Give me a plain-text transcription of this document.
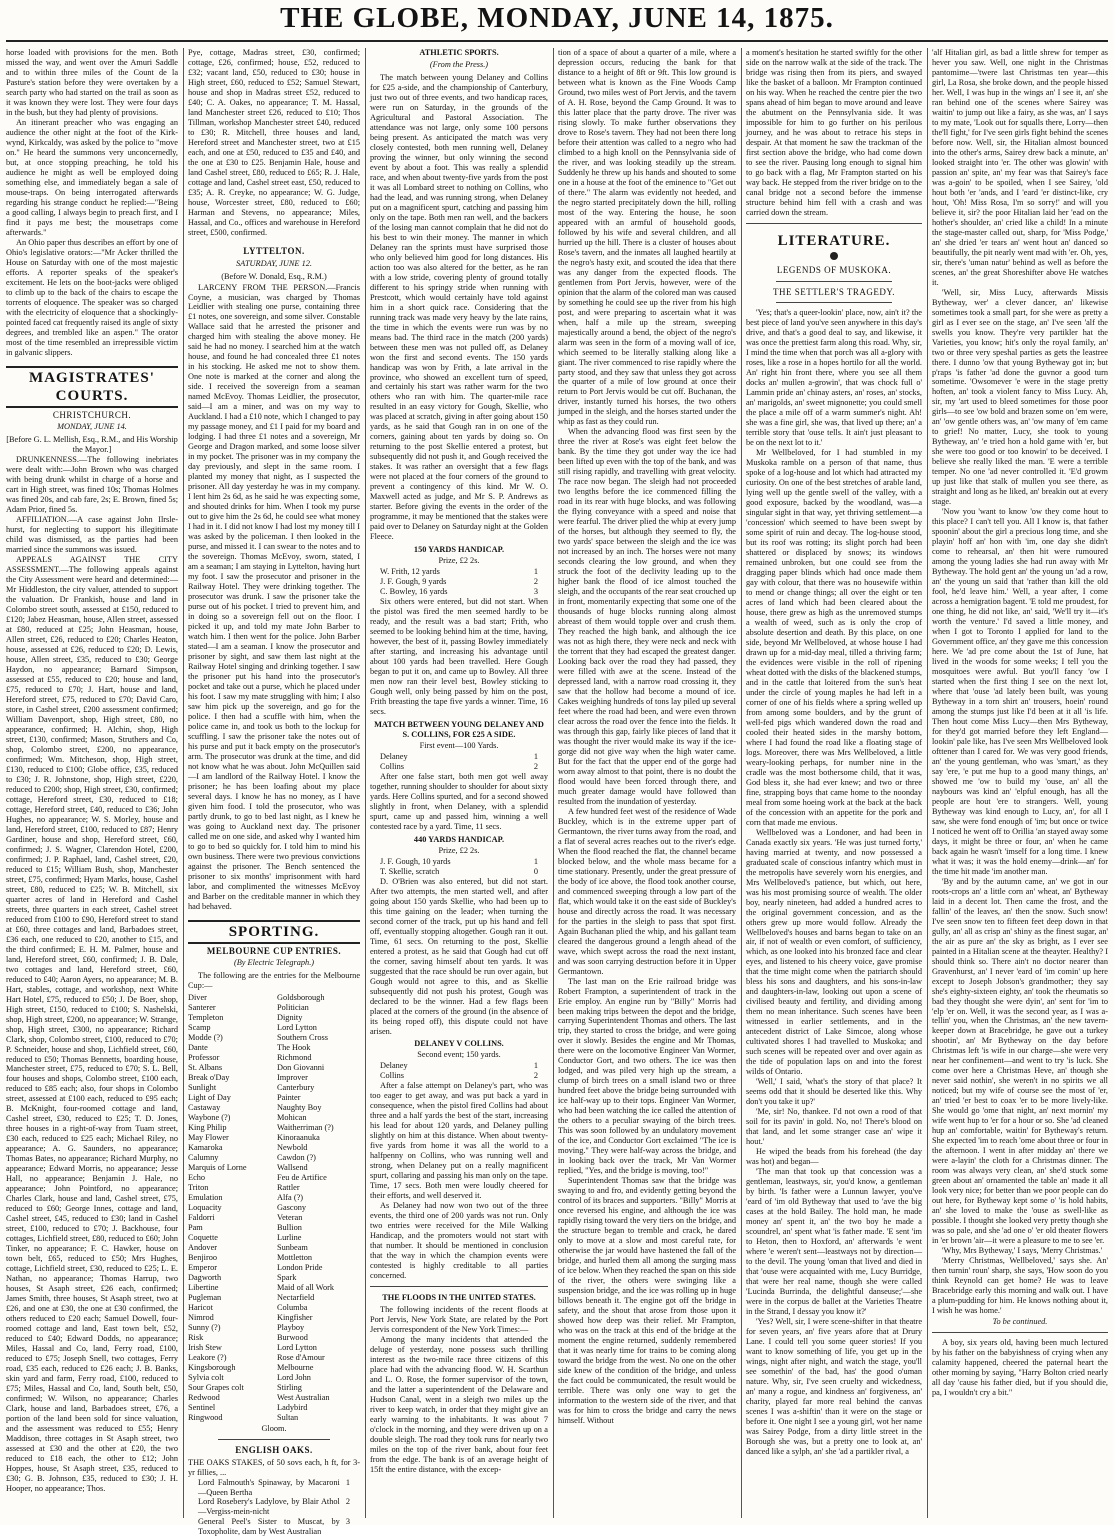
THE GLOBE, MONDAY, JUNE 14, 1875.

horse loaded with provisions for the men. Both missed the way, and went over the Amuri Saddle and to within three miles of the Count de la Pasture's station before they were overtaken by a search party who had started on the trail as soon as it was known they were lost. They were four days in the bush, but they had plenty of provisions.

An itinerant preacher who was engaging an audience the other night at the foot of the Kirk-wynd, Kirkcaldy, was asked by the police to "move on." He heard the summons very unconcernedly, but, at once stopping preaching, he told his audience he might as well be employed doing something else, and immediately began a sale of mouse-traps. On being interrogated afterwards regarding his strange conduct he replied:—"Being a good calling, I always begin to preach first, and I find it pays me best; the mousetraps come afterwards."

An Ohio paper thus describes an effort by one of Ohio's legislative orators:—"Mr Acker thrilled the House on Saturday with one of the most majestic efforts. A reporter speaks of the speaker's excitement. He lets on the boot-jacks were obliged to climb up to the back of the chairs to escape the torrents of eloquence. The speaker was so charged with the electricity of eloquence that a shockingly-pointed faced cat frequently raised its angle of sixty degrees, and trembled like an aspen." The orator most of the time resembled an irrepressible victim in galvanic slippers.

MAGISTRATES' COURTS.
CHRISTCHURCH.
MONDAY, JUNE 14.

[Before G. L. Mellish, Esq., R.M., and His Worship the Mayor.]

DRUNKENNESS.—The following inebriates were dealt with:—John Brown who was charged with being drunk whilst in charge of a horse and cart in High street, was fined 10s; Thomas Holmes was fined 20s, and cab fare, 2s; E. Brown, fined 5s; Adam Prior, fined 5s.

AFFILIATION.—A case against John Ilrsle-hurst, for neglecting to support his illegitimate child was dismissed, as the parties had been married since the summons was issued.

APPEALS AGAINST THE CITY ASSESSMENT.—The following appeals against the City Assessment were heard and determined:—Mr Hiddleston, the city valuer, attended to support the valuation. Dr Frankish, house and land in Colombo street south, assessed at £150, reduced to £120; Jabez Heasman, house, Allen street, assessed at £80, reduced at £25; John Heasman, house, Allen street, £26, reduced to £20; Charles Heaton, house, assessed at £26, reduced to £20; D. Lewis, house, Allen street, £35, reduced to £30; George Haydon, no appearance; Barnard Simpson, assessed at £55, reduced to £20; house and land, £75, reduced to £70; J. Hart, house and land, Hereford street, £75, reduced to £70; David Caro, store, in Cashel street, £200 assessment confirmed; William Davenport, shop, High street, £80, no appearance, confirmed; H. Alchin, shop, High street, £130, confirmed; Mason, Struthers and Co, shop, Colombo street, £200, no appearance, confirmed; Wm. Mitcheson, shop, High street, £130, reduced to £100; Globe office, £35, reduced to £30; J. R. Johnstone, shop, High street, £220, reduced to £200; shop, High street, £30, confirmed; cottage, Hereford street, £30, reduced to £18; cottage, Hereford street, £40, reduced to £36; John Hughes, no appearance; W. S. Morley, house and land, Hereford street, £100, reduced to £87; Henry Gardiner, house and shop, Hereford street, £60, confirmed; J. S. Wagner, Clarendon Hotel, £200, confirmed; J. P. Raphael, land, Cashel street, £20, reduced to £15; William Bush, shop, Manchester street, £75, confirmed; Hyam Marks, house, Cashel street, £80, reduced to £25; W. B. Mitchell, six quarter acres of land in Hereford and Cashel streets, three quarters in each street, Cashel street reduced from £100 to £90, Hereford street to stand at £60, three cottages and land, Barbadoes street, £36 each, one reduced to £20, another to £15, and the third confirmed; E. H. M. Palmer, house and land, Hereford street, £60, confirmed; J. B. Dale, two cottages and land, Hereford street, £60, reduced to £40; Aaron Ayers, no appearance; M. B. Hart, stables, cottage, and workshop, next White Hart Hotel, £75, reduced to £50; J. De Boer, shop, High street, £150, reduced to £100; S. Nashelski, shop, High street, £200, no appearance; W. Strange, shop, High street, £300, no appearance; Richard Clark, shop, Colombo street, £100, reduced to £70; P. Schneider, house and shop, Lichfield street, £60, reduced to £50; Thomas Bennetts, boarding house, Manchester street, £75, reduced to £70; S. L. Bell, four houses and shops, Colombo street, £100 each, reduced to £85 each; also, four shops in Colombo street, assessed at £100 each, reduced to £95 each; B. McKnight, four-roomed cottage and land, Cashel street, £30, reduced to £25; T. D. Jones, three houses in a right-of-way from Tuam street, £30 each, reduced to £25 each; Michael Riley, no appearance; A. G. Saunders, no appearance; Thomas Bates, no appearance; Richard Murphy, no appearance; Edward Morris, no appearance; Jesse Hall, no appearance; Benjamin J. Hale, no appearance; John Pointford, no appearance; Charles Clark, house and land, Cashel street, £75, reduced to £60; George Innes, cottage and land, Cashel street, £45, reduced to £30; land in Cashel street, £100, reduced to £70; J. Backhouse, four cottages, Lichfield street, £80, reduced to £60; John Tinker, no appearance; F. C. Hawker, house on town belt, £65, reduced to £50; Mrs Hughes, cottage, Lichfield street, £30, reduced to £25; L. E. Nathan, no appearance; Thomas Harrup, two houses, St Asaph street, £26 each, confirmed; James Smith, three houses, St Asaph street, two at £26, and one at £30, the one at £30 confirmed, the others reduced to £20 each; Samuel Dowell, four-roomed cottage and land, East town belt, £52, reduced to £40; Edward Dodds, no appearance; Miles, Hassal and Co, land, Ferry road, £100, reduced to £75; Joseph Snell, two cottages, Ferry road, £35 each, reduced to £26 each; J. B. Banks, skin yard and farm, Ferry road, £100, reduced to £75; Miles, Hassal and Co, land, South belt, £50, confirmed; W. Wilson, no appearance; Charles Clark, house and land, Barbadoes street, £76, a portion of the land been sold for since valuation, and the assessment was reduced to £55; Henry Maddison, three cottages in St Asaph street, two assessed at £30 and the other at £20, the two reduced to £18 each, the other to £12; John Hoppes, house, St Asaph street, £35, reduced to £30; G. B. Johnson, £35, reduced to £30; J. H. Hooper, no appearance; Thos.

Pye, cottage, Madras street, £30, confirmed; cottage, £26, confirmed; house, £52, reduced to £32; vacant land, £50, reduced to £30; house in High street, £60, reduced to £52; Samuel Stewart, house and shop in Madras street £52, reduced to £40; C. A. Oakes, no appearance; T. M. Hassal, land Manchester street £26, reduced to £10; Thos Tillman, workshop Manchester street £40, reduced to £30; R. Mitchell, three houses and land, Hereford street and Manchester street, two at £15 each, and one at £50, reduced to £35 and £40, and the one at £30 to £25. Benjamin Hale, house and land Cashel street, £80, reduced to £65; R. J. Hale, cottage and land, Cashel street east, £50, reduced to £35; A. R. Creyke, no appearance; W. G. Judge, house, Worcester street, £80, reduced to £60; Harman and Stevens, no appearance; Miles, Hassal, and Co., offices and warehouse in Hereford street, £500, confirmed.

LYTTELTON.
SATURDAY, JUNE 12.
(Before W. Donald, Esq., R.M.)

LARCENY FROM THE PERSON.—Francis Coyne, a musician, was charged by Thomas Leidlier with stealing one purse, containing three £1 notes, one sovereign, and some silver. Constable Wallace said that he arrested the prisoner and charged him with stealing the above money. He said he had no money. I searched him at the watch house, and found he had concealed three £1 notes in his stocking. He asked me not to show them. One note is marked at the corner and along the side. I received the sovereign from a seaman named McEvoy. Thomas Leidlier, the prosecutor, said—I am a miner, and was on my way to Auckland. I had a £10 note, which I changed to pay my passage money, and £1 I paid for my board and lodging. I had three £1 notes and a sovereign, Mr George and Dragon marked, and some loose silver in my pocket. The prisoner was in my company the day previously, and slept in the same room. I planted my money that night, as I suspected the prisoner. All day yesterday he was in my company. I lent him 2s 6d, as he said he was expecting some, and shouted drinks for him. When I took my purse out to give him the 2s 6d, he could see what money I had in it. I did not know I had lost my money till I was asked by the policeman. I then looked in the purse, and missed it. I can swear to the notes and to the sovereign. Thomas McEvoy, sworn, stated, I am a seaman; I am staying in Lyttelton, having hurt my foot. I saw the prosecutor and prisoner in the Railway Hotel. They were drinking together. The prosecutor was drunk. I saw the prisoner take the purse out of his pocket. I tried to prevent him, and in doing so a sovereign fell out on the floor. I picked it up, and told my mate John Barber to watch him. I then went for the police. John Barber stated—I am a seaman. I know the prosecutor and prisoner by sight, and saw them last night at the Railway Hotel singing and drinking together. I saw the prisoner put his hand into the prosecutor's pocket and take out a purse, which he placed under his foot. I saw my mate struggling with him; I also saw him pick up the sovereign, and go for the police. I then had a scuffle with him, when the police came in, and took us both to the lockup for scuffling. I saw the prisoner take the notes out of his purse and put it back empty on the prosecutor's arm. The prosecutor was drunk at the time, and did not know what he was about. John McQuillen said—I am landlord of the Railway Hotel. I know the prisoner; he has been loafing about my place several days. I know he has no money, as I have given him food. I told the prosecutor, who was partly drunk, to go to bed last night, as I knew he was going to Auckland next day. The prisoner called me on one side, and asked why I wanted him to go to bed so quickly for. I told him to mind his own business. There were two previous convictions against the prisoner. The Bench sentenced the prisoner to six months' imprisonment with hard labor, and complimented the witnesses McEvoy and Barber on the creditable manner in which they had behaved.

SPORTING.
MELBOURNE CUP ENTRIES.
(By Electric Telegraph.)

The following are the entries for the Melbourne Cup:—

Diver
Santerer
Templeton
Scamp
Modde (?)
Dante
Professor
St. Albans
Break o'Day
Sunlight
Light of Day
Castaway
Waybone (?)
King Philip
May Flower
Kamaroka
Calumny
Marquis of Lorne
Echo
Triton
Emulation
Loquacity
Faldorri
Pam
Coquette
Andover
Benjiroo
Emperor
Dagworth
Libertine
Pugleman
Haricot
Nimrod
Sunny (?)
Risk
Irish Stew
Leakore (?)
Kingsborough
Sylvia colt
Sour Grapes colt
Redwood
Sentinel
Ringwood
Goldsborough
Politician
Dignity
Lord Lytton
Southern Cross
The Hook
Richmond
Don Giovanni
Improver
Canterbury
Painter
Naughty Boy
Mohican
Waitherriman (?)
Kinoraanuka
Newbold
Cawdon (?)
Wallsend
Feu de Artifice
Rattler
Alfa (?)
Gascony
Veteran
Bullion
Lurline
Sunbeam
Mottletton
London Pride
Spark
Maid of all Work
Nectarfield
Columba
Kingfisher
Playboy
Burwood
Lord Lytton
Rose d'Amour
Melbourne
Lord John
Stirling
West Australian
Ladybird
Sultan
Gloom.
ENGLISH OAKS.

THE OAKS STAKES, of 50 sovs each, h ft, for 3-yr fillies, ...

Lord Falmouth's Spinaway, by Macaroni —Queen Bertha
1
Lord Rosebery's Ladylove, by Blair Athol—Vergiss-mein-nicht
2
General Peel's Sister to Muscat, by Toxopholite, dam by West Australian
3
ATHLETIC SPORTS.
(From the Press.)

The match between young Delaney and Collins for £25 a-side, and the championship of Canterbury, just two out of three events, and two handicap races, were run on Saturday, in the grounds of the Agricultural and Pastoral Association. The attendance was not large, only some 100 persons being present. As anticipated the match was very closely contested, both men running well, Delaney proving the winner, but only winning the second event by about a foot. This was really a splendid race, and when about twenty-five yards from the post it was all Lombard street to nothing on Collins, who had the lead, and was running strong, when Delaney put on a magnificent spurt, catching and passing him only on the tape. Both men ran well, and the backers of the losing man cannot complain that he did not do his best to win their money. The manner in which Delaney ran the sprints must have surprised those who only believed him good for long distances. His action too was also altered for the better, as he ran with a low stride, covering plenty of ground totally different to his springy stride when running with Prestcott, which would certainly have told against him in a short quick race. Considering that the running track was made very heavy by the late rains, the time in which the events were run was by no means bad. The third race in the match (200 yards) between these men was not pulled off, as Delaney won the first and second events. The 150 yards handicap was won by Frith, a late arrival in the province, who showed an excellent turn of speed, and certainly his start was rather warm for the two others who ran with him. The quarter-mile race resulted in an easy victory for Gough, Skellie, who was placed at scratch, giving in after going about 150 yards, as he said that Gough ran in on one of the corners, gaining about ten yards by doing so. On returning to the post Skellie entered a protest, but subsequently did not push it, and Gough received the stakes. It was rather an oversight that a few flags were not placed at the four corners of the ground to prevent a contingency of this kind. Mr W. O. Maxwell acted as judge, and Mr S. P. Andrews as starter. Before giving the events in the order of the programme, it may be mentioned that the stakes were paid over to Delaney on Saturday night at the Golden Fleece.

150 YARDS HANDICAP.
Prize, £2 2s.
W. Frith, 12 yards	1
J. F. Gough, 9 yards	2
C. Bowley, 16 yards	3

Six others were entered, but did not start. When the pistol was fired the men seemed hardly to be ready, and the result was a bad start; Frith, who seemed to be looking behind him at the time, having, however, the best of it, passing Bowley immediately after starting, and increasing his advantage until about 100 yards had been travelled. Here Gough began to put it on, and came up to Bowley. All three men now ran their level best, Bowley sticking to Gough well, only being passed by him on the post, Frith breasting the tape five yards a winner. Time, 16 secs.

MATCH BETWEEN YOUNG DELANEY AND S. COLLINS, FOR £25 A SIDE.
First event—100 Yards.
Delaney	1
Collins	2

After one false start, both men got well away together, running shoulder to shoulder for about sixty yards. Here Collins spurted, and for a second showed slightly in front, when Delaney, with a splendid spurt, came up and passed him, winning a well contested race by a yard. Time, 11 secs.

440 YARDS HANDICAP.
Prize, £2 2s.
J. F. Gough, 10 yards	1
T. Skellie, scratch	0

D. O'Brien was also entered, but did not start. After two attempts, the men started well, and after going about 150 yards Skellie, who had been up to this time gaining on the leader; when turning the second corner of the track, put up his hand and fell off, eventually stopping altogether. Gough ran it out. Time, 61 secs. On returning to the post, Skellie entered a protest, as he said that Gough had cut off the corner, saving himself about ten yards. It was suggested that the race should be run over again, but Gough would not agree to this, and as Skellie subsequently did not push his protest, Gough was declared to be the winner. Had a few flags been placed at the corners of the ground (in the absence of its being roped off), this dispute could not have arisen.

DELANEY V COLLINS.
Second event; 150 yards.
Delaney	1
Collins	2

After a false attempt on Delaney's part, who was too eager to get away, and was put back a yard in consequence, when the pistol fired Collins had about three and a half yards the best of the start, increasing his lead for about 120 yards, and Delaney pulling slightly on him at this distance. When about twenty-five yards from home it was all the world to a halfpenny on Collins, who was running well and strong, when Delaney put on a really magnificent spurt, collaring and passing his man only on the tape. Time, 17 secs. Both men were loudly cheered for their efforts, and well deserved it.

As Delaney had now won two out of the three events, the third one of 200 yards was not run. Only two entries were received for the Mile Walking Handicap, and the promoters would not start with that number. It should be mentioned in conclusion that the way in which the champion events were contested is highly creditable to all parties concerned.

THE FLOODS IN THE UNITED STATES.

The following incidents of the recent floods at Port Jervis, New York State, are related by the Port Jervis correspondent of the New York Times:—

Among the many incidents that attended the deluge of yesterday, none possess such thrilling interest as the two-mile race three citizens of this place had with the advancing flood. W. H. Scarthun and L. O. Rose, the former supervisor of the town, and the latter a superintendent of the Delaware and Hudson Canal, went in a sleigh two miles up the river to keep watch, in order that they might give an early warning to the inhabitants. It was about 7 o'clock in the morning, and they were driven up on a double sleigh. The road they took runs for nearly two miles on the top of the river bank, about four feet from the edge. The bank is of an average height of 15ft the entire distance, with the excep-

tion of a space of about a quarter of a mile, where a depression occurs, reducing the bank for that distance to a height of 8ft or 9ft. This low ground is between what is known as the Fine Woods Camp Ground, two miles west of Port Jervis, and the tavern of A. H. Rose, beyond the Camp Ground. It was to this latter place that the party drove. The river was rising slowly. To make further observations they drove to Rose's tavern. They had not been there long before their attention was called to a negro who had climbed to a high knoll on the Pennsylvania side of the river, and was looking steadily up the stream. Suddenly he threw up his hands and shouted to some one in a house at the foot of the eminence to "Get out of there." The alarm was evidently not heeded, and the negro started precipitately down the hill, rolling most of the way. Entering the house, he soon appeared with an armful of household goods, followed by his wife and several children, and all hurried up the hill. There is a cluster of houses about Rose's tavern, and the inmates all laughed heartily at the negro's hasty exit, and scouted the idea that there was any danger from the expected floods. The gentlemen from Port Jervis, however, were of the opinion that the alarm of the colored man was caused by something he could see up the river from his high post, and were preparing to ascertain what it was when, half a mile up the stream, sweeping majestically around a bend, the object of the negro's alarm was seen in the form of a moving wall of ice, which seemed to be literally stalking along like a giant. The river commenced to rise rapidly where the party stood, and they saw that unless they got across the quarter of a mile of low ground at once their return to Port Jervis would be cut off. Buchanan, the driver, instantly turned his horses, the two others jumped in the sleigh, and the horses started under the whip as fast as they could run.

When the advancing flood was first seen by the three the river at Rose's was eight feet below the bank. By the time they got under way the ice had been lifted up even with the top of the bank, and was still rising rapidly, and travelling with great velocity. The race now began. The sleigh had not proceeded two lengths before the ice commenced filling the road in its rear with huge blocks, and was following the flying conveyance with a speed and noise that were fearful. The driver plied the whip at every jump of the horses, but although they seemed to fly, the two yards' space between the sleigh and the ice was not increased by an inch. The horses were not many seconds clearing the low ground, and when they struck the foot of the declivity leading up to the higher bank the flood of ice almost touched the sleigh, and the occupants of the rear seat crouched up in front, momentarily expecting that some one of the thousands of huge blocks running along almost abreast of them would topple over and crush them. They reached the high bank, and although the ice was not as high there, they were neck and neck with the torrent that they had escaped the greatest danger. Looking back over the road they had passed, they were filled with awe at the scene. Instead of the depressed land, with a narrow road crossing it, they saw that the hollow had become a mound of ice. Cakes weighing hundreds of tons lay piled up several feet where the road had been, and were even thrown clear across the road over the fence into the fields. It was through this gap, fairly like pieces of land that it was thought the river would make its way if the ice-gorge did not give way when the high water came. But for the fact that the upper end of the gorge had worn away almost to that point, there is no doubt the flood would have been forced through there, and much greater damage would have followed than resulted from the inundation of yesterday.

A few hundred feet west of the residence of Wade Buckley, which is in the extreme upper part of Germantown, the river turns away from the road, and a flat of several acres reaches out to the river's edge. When the flood reached the flat, the channel became blocked below, and the whole mass became for a time stationary. Presently, under the great pressure of the body of ice above, the flood took another course, and commenced sweeping through a low part of the flat, which would take it on the east side of Buckley's house and directly across the road. It was necessary for the parties in the sleigh to pass that spot first. Again Buchanan plied the whip, and his gallant team cleared the dangerous ground a length ahead of the wave, which swept across the road the next instant, and was soon carrying destruction before it in Upper Germantown.

The last man on the Erie railroad bridge was Robert Frampton, a superintendent of track in the Erie employ. An engine run by "Billy" Morris had been making trips between the depot and the bridge, carrying Superintendent Thomas and others. The last trip, they started to cross the bridge, and were going over it slowly. Besides the engine and Mr Thomas, there were on the locomotive Engineer Van Wormer, Conductor Gort, and two others. The ice was then lodged, and was piled very high up the stream, a clump of birch trees on a small island two or three hundred feet above the bridge being surrounded with ice half-way up to their tops. Engineer Van Wormer, who had been watching the ice called the attention of the others to a peculiar swaying of the birch trees. This was soon followed by an undulatory movement of the ice, and Conductor Gort exclaimed "The ice is moving." They were half-way across the bridge, and in looking back over the track, Mr Van Wormer replied, "Yes, and the bridge is moving, too!"

Superintendent Thomas saw that the bridge was swaying to and fro, and evidently getting beyond the control of its braces and supporters. "Billy" Morris at once reversed his engine, and although the ice was rapidly rising toward the very tiers on the bridge, and the structure began to tremble and crack, he dared only to move at a slow and most careful rate, for otherwise the jar would have hastened the fall of the bridge, and hurled them all among the surging mass of ice below. When they reached the span on this side of the river, the others were swinging like a suspension bridge, and the ice was rolling up in huge billows beneath it. The engine got off the bridge in safety, and the shout that arose from those upon it showed how deep was their relief. Mr Frampton, who was on the track at this end of the bridge at the moment the engine returned, suddenly remembered that it was nearly time for trains to be coming along toward the bridge from the west. No one on the other side knew of the condition of the bridge, and unless the fact could be communicated, the result would be terrible. There was only one way to get the information to the western side of the river, and that was for him to cross the bridge and carry the news himself. Without

a moment's hesitation he started swiftly for the other side on the narrow walk at the side of the track. The bridge was rising then from its piers, and swayed like the basket of a balloon. Mr Frampton continued on his way. When he reached the centre pier the two spans ahead of him began to move around and leave the abutment on the Pennsylvania side. It was impossible for him to go further on his perilous journey, and he was about to retrace his steps in despair. At that moment he saw the trackman of the first section above the bridge, who had come down to see the river. Pausing long enough to signal him to go back with a flag, Mr Frampton started on his way back. He stepped from the river bridge on to the canal bridge not a second before the immense structure behind him fell with a crash and was carried down the stream.

LITERATURE.
LEGENDS OF MUSKOKA.
THE SETTLER'S TRAGEDY.

'Yes; that's a queer-lookin' place, now, ain't it? the best piece of land you've seen anywhere in this day's drive, and that's a good deal to say, and likewise, it was once the prettiest farm along this road. Why, sir, I mind the time when that porch was all a-glory with roses, like a rose in a hopes hortilo for all the world. An' right hin front there, where you see all them docks an' mullen a-growin', that was chock full o' Lammin pride an' chinay asters, an' roses, an' stocks, an' marigolds, an' sweet mignonette; you could smell the place a mile off of a warm summer's night. Ah! she was a fine girl, she was, that lived up there; an' a terrible story that 'ouse tells. It ain't just pleasant to be on the next lot to it.'

Mr Wellbeloved, for I had stumbled in my Muskoka ramble on a person of that name, thus spoke of a log-house and lot which had attracted my curiosity. On one of the best stretches of arable land, lying well up the gentle swell of the valley, with a good exposure, backed by the woodland, was—a singular sight in that way, yet thriving settlement—a 'concession' which seemed to have been swept by some spirit of ruin and decay. The log-house stood, but its roof was rotting; its slight porch had been shattered or displaced by snows; its windows remained unbroken, but one could see from the dragging paper blinds which had once made them gay with colour, that there was no housewife within to mend or change things; all over the eight or ten acres of land which had been cleared about the house, there grew as high as the unremoved stumps a wealth of weed, such as is only the crop of absolute desertion and death. By this place, on one side, beyond Mr Wellbeloved, at whose house I had drawn up for a mid-day meal, tilled a thriving farm; the evidences were visible in the roll of ripening wheat dotted with the disks of the blackened stumps, and in the cattle that loitered from the sun's heat under the circle of young maples he had left in a corner of one of his fields where a spring welled up from among some boulders, and by the grunt of well-fed pigs which wandered down the road and cooled their heated sides in the marshy bottom, where I had found the road like a floating stage of logs. Moreover, there was Mrs Wellbeloved, a little weary-looking perhaps, for number nine in the cradle was the most bothersome child, that it was, God bless it, she had ever knew; and two or three fine, strapping boys that came home to the noonday meal from some hoeing work at the back at the back of the concession with an appetite for the pork and corn that made me envious.

Wellbeloved was a Londoner, and had been in Canada exactly six years. 'He was just turned forty,' having married at twenty, and now possessed a graduated scale of conscious infantry which must in the metropolis have severely worn his energies, and Mrs Wellbeloved's patience, but which, out here, was his most promising source of wealth. The older boy, nearly nineteen, had added a hundred acres to the original government concession, and as the others grew up more would follow. Already the Wellbeloved's houses and barns began to take on an air, if not of wealth or even comfort, of sufficiency, which, as one looked into his bronzed face and clear eyes, and listened to his cheery voice, gave promise that the time might come when the patriarch should bless his sons and daughters, and his sons-in-law and daughters-in-law, looking out upon a scene of civilised beauty and fertility, and dividing among them no mean inheritance. Such scenes have been witnessed in earlier settlements, and in the antecedent district of Lake Simcoe, along whose cultivated shores I had travelled to Muskoka; and such scenes will be repeated over and over again as the tide of population laps on and into the forest wilds of Ontario.

'Well,' I said, 'what's the story of that place? It seems odd that it should be deserted like this. Why don't you take it up?'

'Me, sir! No, thankee. I'd not own a rood of that soil for its pavin' in gold. No, no! There's blood on that land, and let some stranger case an' wipe it hout.'

He wiped the beads from his forehead (the day was hot) and began—

'The man that took up that concession was a gentleman, leastways, sir, you'd know, a gentleman by birth. 'Is father were a Lunnun lawyer, you've 'eard of 'im old Bytheway that used to 'ave the big cases at the hold Bailey. The hold man, he made money an' spent it, an' the two boy he made a scoundrel, an' spent what 'is father made. 'E sent 'im to Heton, then to Hoxford, an' afterwards 'e went where 'e weren't sent—leastways not by direction—to the devil. The young 'oman that lived and died in that 'ouse were acquainted with me, Lucy Burridge, that were her real name, though she were called 'Lucinda Burrinda, the delightful danseuse;'—she were in the corpus de ballet at the Varieties Theatre in the Strand, I dessay you know it?'

'Yes? Well, sir, I were scene-shifter in that theatre for seven years, an' five years afore that at Drury Lane. I could tell you some queer stories! If you want to know something of life, you get up in the wings, night after night, and watch the stage, you'll see somethin' of the bad, has' the good o'uman nature. Why, sir, I've seen cruelty and wickedness, an' many a rogue, and kindness an' forgiveness, an' charity, played far more real behind the canvas scenes I was a-shiftin' than it were on the stage or before it. One night I see a young girl, wot her name was Sairey Podge, from a dirty little street in the Borough she was, but a pretty one to look at, an' danced like a sylph, an' she 'ad a partikler rival, a

'alf Hitalian girl, as bad a little shrew for temper as hever you saw. Well, one night in the Christmas pantomime—'twere last Christmas ten year—this girl, La Rosa, she broke down, and the people hissed her. Well, I was hup in the wings an' I see it, an' she ran behind one of the scenes where Sairey was waitin' to jump out like a fairy, as she was, an' I says to my mate, 'Look out for squalls there, Lorry—then the'll fight,' for I've seen girls fight behind the scenes before now. Well, sir, the Hitalian almost bounced into the other's arms, Sairey drew back a minute, an' looked straight into 'er. The other was glowin' with passion an' spite, an' my fear was that Sairey's face was a-goin' to be spoiled, when I see Sairey, 'old hout both 'er 'ands, and I 'eard 'er distinct-like, cry hout, 'Oh! Miss Rosa, I'm so sorry!' and will you believe it, sir? the poor Hitalian laid her 'ead on the hother's shoulder, an' cried like a child! In a minute the stage-master called out, sharp, for 'Miss Podge,' an' she dried 'er tears an' went hout an' danced so beautifully, the pit nearly went mad with 'er. Oh, yes, sir, there's 'uman natur' behind as well as before the scenes, an' the great Shoreshifter above He watches it.

'Well, sir, Miss Lucy, afterwards Missis Bytheway, wer' a clever dancer, an' likewise sometimes took a small part, for she were as pretty a girl as I ever see on the stage, an' I've seen 'alf the swells you know. They're very partikler hat the Varieties, you know; hit's only the royal family, an' two or three very speshal parties as gets the leastree there. I dunno 'ow that young Bytheway got in; but p'raps 'is father 'ad done the guvnor a good turn sometime. 'Owsomever 'e were in the stage pretty hoften, an' took a violent fancy to Miss Lucy. Ah, sir, my 'art used to bleed sometimes for those poor girls—to see 'ow bold and brazen some on 'em were, an' 'ow gentle others was, an' 'ow many of 'em came to grief! No matter, Lucy, she took to young Bytheway, an' 'e tried hon a hold game with 'er, but she were too good or too knowin' to be deceived. I believe she really liked the man. 'E were a terrible temper. No one 'ad never controlled it. 'E'd growm up just like that stalk of mullen you see there, as straight and long as he liked, an' breakin out at every stage.

'Now you 'want to know 'ow they come hout to this place? I can't tell you. All I know is, that father spoonin' about the girl a precious long time, and she playin' hoff an' hon with 'im, one day she didn't come to rehearsal, an' then hit were rumoured among the young ladies she had run away with Mr Bytheway. The hold gent an' the young un 'ad a row, an' the young un said that 'rather than kill the old fool, he'd leave him.' Well, a year after, I come across a hemigration bagent. 'E told me proudest, for one thing, he did not like, an' said, 'We'll try it—it's worth the venture.' I'd saved a little money, and when I got to Toronto I applied for land to the Government office, an' they gave me this concession here. We 'ad pre come about the 1st of June, hat lived in the woods for some weeks; I tell you the mosquitoes were awful. But you'll fancy 'ow I started when the first thing I see on the next lot, where that 'ouse 'ad lately been built, was young Bytheway in a torn shirt an' trousers, hoein' round among the stumps just like I'd been at it all 'is life. Then hout come Miss Lucy—then Mrs Bytheway, for they'd got married before they left England—lookin' pale like, has I've seen Mrs Wellbeloved look ofttener than I cared for. We was very good friends, an' the young gentleman, who was 'smart,' as they say 'ere, 'e put me hup to a good many things, an' showed me 'ow to build my 'ouse, an' all the naybours was kind an' 'elpful enough, has all the people are hout 'ere to strangers. Well, young Bytheway was kind enough to Lucy, an', for all I saw, she were fond enough of 'im; but once or twice I noticed he went off to Orillia 'an stayed away some days, it might be three or four, an' when he came back again he wasn't 'imself for a long time. I knew what it was; it was the hold enemy—drink—an' for the time hit made 'im another man.

'By and by the autumn came, an' we got in our roots-crops an' a little corn an' wheat, an' Bytheway laid in a decent lot. Then came the frost, and the fallin' of the leaves, an' then the snow. Such snow! I've seen snow ten to fifteen feet deep down in that gully, an' all as crisp an' shiny as the finest sugar, an' the air as pure an' the sky as bright, as I ever see painted in a Hitalian scene at the theayter. Healthy? I should think so. There ain't no doctor nearer than Gravenhurst, an' I never 'eard of 'im comin' up here except to Joseph Jobson's grandmother; they say she's eighty-sixteen eighty, an' took the rheumatis so bad they thought she were dyin', an' sent for 'im to 'elp 'er on. Well, it was the second year, as I was a-tellin' you, when the Christmas, an' the new tavern-keeper down at Bracebridge, he gave out a turkey shootin', an' Mr Bytheway on the day before Christmas left 'is wife in our charge—she were very near her confinement—and went to try 'is luck. She come over here a Christmas Heve, an' though she never said nothin', she weren't in no spirits we all noticed; but my wife of course see the most of 'er, an' tried 'er best to coax 'er to be more lively-like. She would go 'ome that night, an' next mornin' my wife went hup to 'er for a hour or so. She 'ad cleaned hup an' comfortable, waitin' for Bytheway's return. She expected 'im to reach 'ome about three or four in the afternoon. I went in after midday an' there we were a-layin' the cloth for a Christmas dinner. The room was always very clean, an' she'd stuck some green about an' ornamented the table an' made it all look very nice; for better than we poor people can do out here, for Bytheway kept some o' 'is hold habits, an' she loved to make the 'ouse as swell-like as possible. I thought she looked very pretty though she was so pale, and she 'ad one o' 'er old theater flowers in 'er brown 'air—it were a pleasure to me to see 'er.

'Why, Mrs Bytheway,' I says, 'Merry Christmas.'

'Merry Christmas, Wellbeloved,' says she. An' then turnin' roun' sharp, she says, 'How soon do you think Reynold can get home? He was to leave Bracebridge early this morning and walk out. I have a plum-pudding for him. He knows nothing about it, I wish he was home.'

To be continued.

A boy, six years old, having been much lectured by his father on the babyishness of crying when any calamity happened, cheered the paternal heart the other morning by saying, "Harry Bolton cried nearly all day 'cause his father died, but if you should die, pa, I wouldn't cry a bit."
